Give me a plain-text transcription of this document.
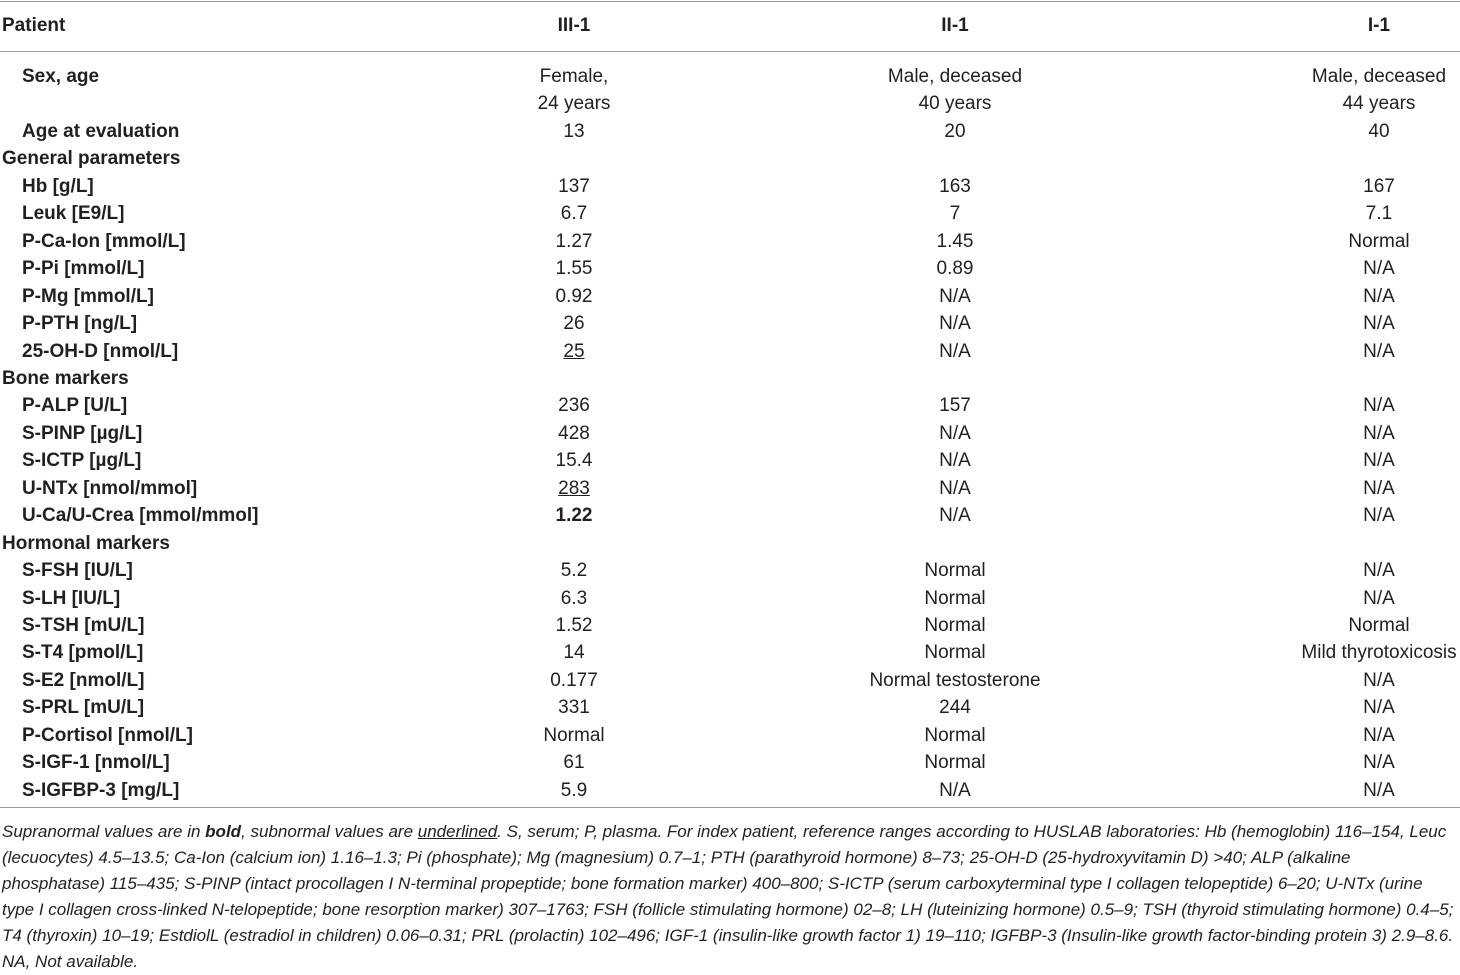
Patient	III-1	II-1	I-1
Sex, age	Female,	Male, deceased	Male, deceased
24 years	40 years	44 years
Age at evaluation	13	20	40
General parameters
Hb [g/L]	137	163	167
Leuk [E9/L]	6.7	7	7.1
P-Ca-Ion [mmol/L]	1.27	1.45	Normal
P-Pi [mmol/L]	1.55	0.89	N/A
P-Mg [mmol/L]	0.92	N/A	N/A
P-PTH [ng/L]	26	N/A	N/A
25-OH-D [nmol/L]	25	N/A	N/A
Bone markers
P-ALP [U/L]	236	157	N/A
S-PINP [µg/L]	428	N/A	N/A
S-ICTP [µg/L]	15.4	N/A	N/A
U-NTx [nmol/mmol]	283	N/A	N/A
U-Ca/U-Crea [mmol/mmol]	1.22	N/A	N/A
Hormonal markers
S-FSH [IU/L]	5.2	Normal	N/A
S-LH [IU/L]	6.3	Normal	N/A
S-TSH [mU/L]	1.52	Normal	Normal
S-T4 [pmol/L]	14	Normal	Mild thyrotoxicosis
S-E2 [nmol/L]	0.177	Normal testosterone	N/A
S-PRL [mU/L]	331	244	N/A
P-Cortisol [nmol/L]	Normal	Normal	N/A
S-IGF-1 [nmol/L]	61	Normal	N/A
S-IGFBP-3 [mg/L]	5.9	N/A	N/A
Supranormal values are in bold, subnormal values are underlined. S, serum; P, plasma. For index patient, reference ranges according to HUSLAB laboratories: Hb (hemoglobin) 116–154, Leuc (lecuocytes) 4.5–13.5; Ca-Ion (calcium ion) 1.16–1.3; Pi (phosphate); Mg (magnesium) 0.7–1; PTH (parathyroid hormone) 8–73; 25-OH-D (25-hydroxyvitamin D) >40; ALP (alkaline phosphatase) 115–435; S-PINP (intact procollagen I N-terminal propeptide; bone formation marker) 400–800; S-ICTP (serum carboxyterminal type I collagen telopeptide) 6–20; U-NTx (urine type I collagen cross-linked N-telopeptide; bone resorption marker) 307–1763; FSH (follicle stimulating hormone) 02–8; LH (luteinizing hormone) 0.5–9; TSH (thyroid stimulating hormone) 0.4–5; T4 (thyroxin) 10–19; EstdiolL (estradiol in children) 0.06–0.31; PRL (prolactin) 102–496; IGF-1 (insulin-like growth factor 1) 19–110; IGFBP-3 (Insulin-like growth factor-binding protein 3) 2.9–8.6. NA, Not available.
